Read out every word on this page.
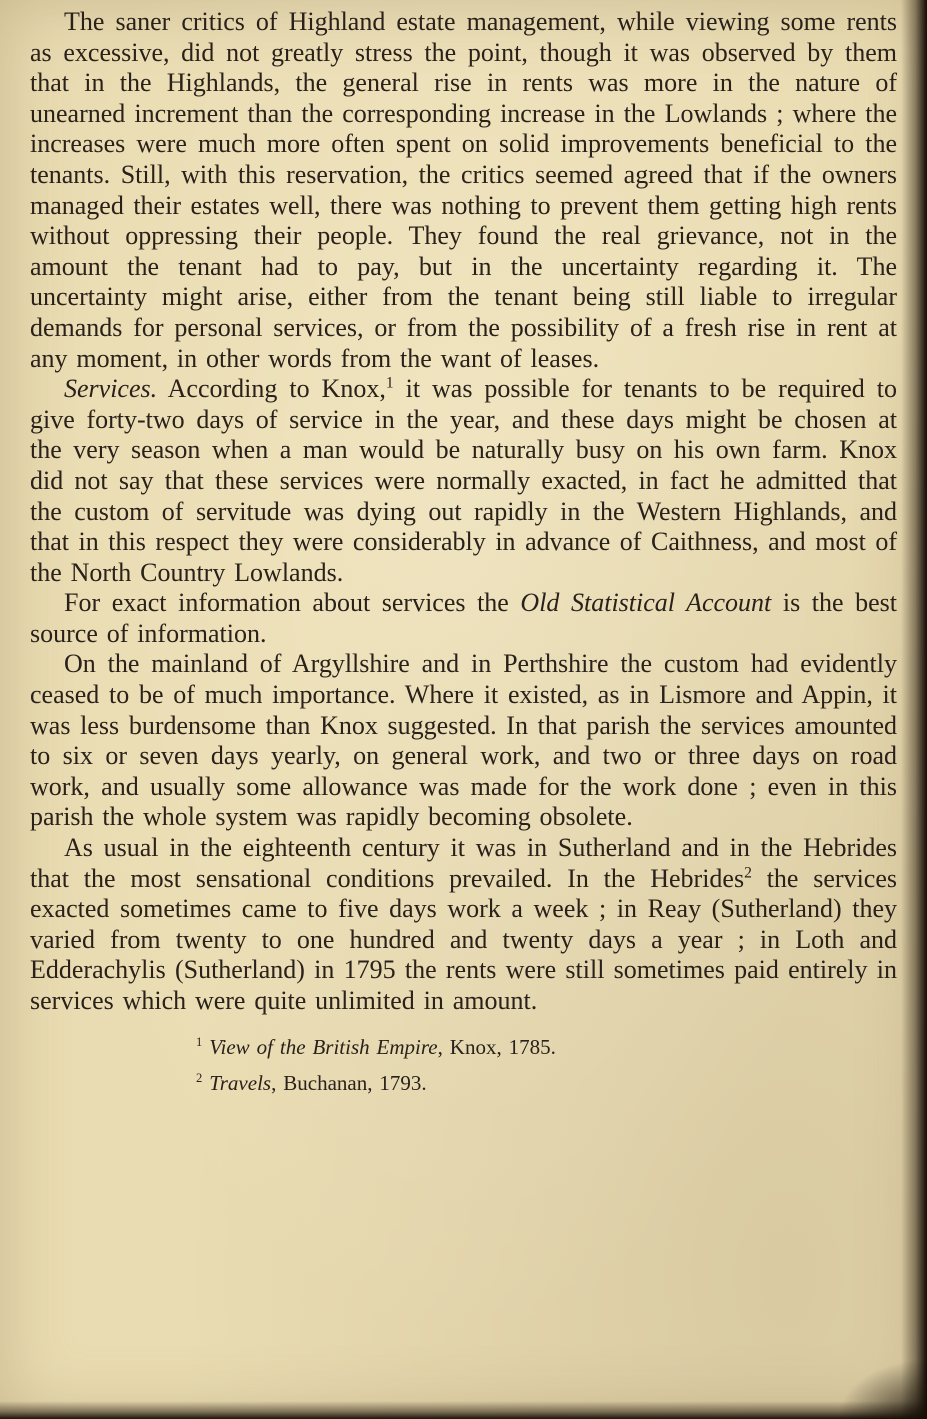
The saner critics of Highland estate management, while viewing some rents as excessive, did not greatly stress the point, though it was observed by them that in the Highlands, the general rise in rents was more in the nature of unearned increment than the corresponding increase in the Lowlands ; where the increases were much more often spent on solid improvements beneficial to the tenants. Still, with this reservation, the critics seemed agreed that if the owners managed their estates well, there was nothing to prevent them getting high rents without oppressing their people. They found the real grievance, not in the amount the tenant had to pay, but in the uncertainty regarding it. The uncertainty might arise, either from the tenant being still liable to irregular demands for personal services, or from the possibility of a fresh rise in rent at any moment, in other words from the want of leases.

Services. According to Knox,$^1$ it was possible for tenants to be required to give forty-two days of service in the year, and these days might be chosen at the very season when a man would be naturally busy on his own farm. Knox did not say that these services were normally exacted, in fact he admitted that the custom of servitude was dying out rapidly in the Western Highlands, and that in this respect they were considerably in advance of Caithness, and most of the North Country Lowlands.

For exact information about services the Old Statistical Account is the best source of information.

On the mainland of Argyllshire and in Perthshire the custom had evidently ceased to be of much importance. Where it existed, as in Lismore and Appin, it was less burdensome than Knox suggested. In that parish the services amounted to six or seven days yearly, on general work, and two or three days on road work, and usually some allowance was made for the work done ; even in this parish the whole system was rapidly becoming obsolete.

As usual in the eighteenth century it was in Sutherland and in the Hebrides that the most sensational conditions prevailed. In the Hebrides$^2$ the services exacted sometimes came to five days work a week ; in Reay (Sutherland) they varied from twenty to one hundred and twenty days a year ; in Loth and Edderachylis (Sutherland) in 1795 the rents were still sometimes paid entirely in services which were quite unlimited in amount.

$^1$ View of the British Empire, Knox, 1785.

$^2$ Travels, Buchanan, 1793.
